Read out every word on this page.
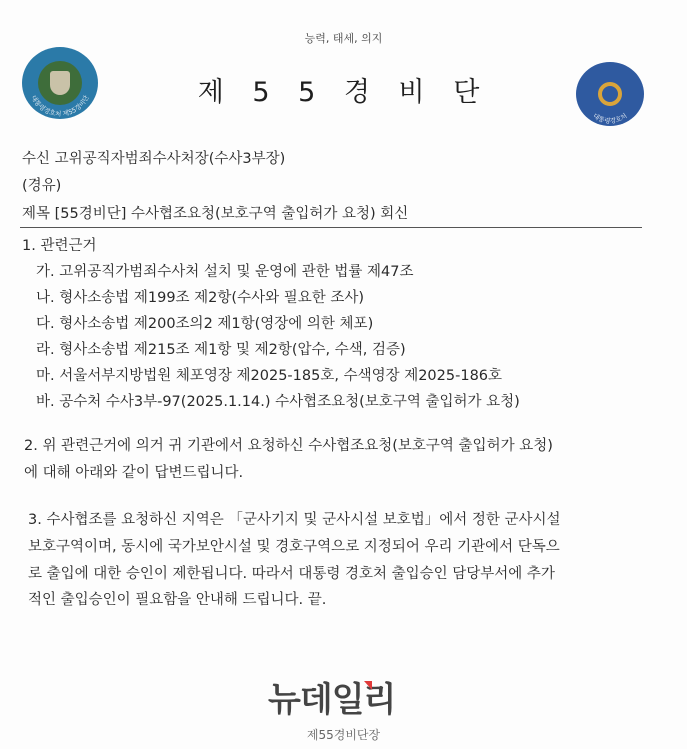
능력, 태세, 의지
대통령경호처 제55경비단	제 5 5 경 비 단
대통령경호처
수신 고위공직자범죄수사처장(수사3부장)
(경유)
제목 [55경비단] 수사협조요청(보호구역 출입허가 요청) 회신
1. 관련근거
가. 고위공직가범죄수사처 설치 및 운영에 관한 법률 제47조
나. 형사소송법 제199조 제2항(수사와 필요한 조사)
다. 형사소송법 제200조의2 제1항(영장에 의한 체포)
라. 형사소송법 제215조 제1항 및 제2항(압수, 수색, 검증)
마. 서울서부지방법원 체포영장 제2025-185호, 수색영장 제2025-186호
바. 공수처 수사3부-97(2025.1.14.) 수사협조요청(보호구역 출입허가 요청)
2. 위 관련근거에 의거 귀 기관에서 요청하신 수사협조요청(보호구역 출입허가 요청)
에 대해 아래와 같이 답변드립니다.
3. 수사협조를 요청하신 지역은 「군사기지 및 군사시설 보호법」에서 정한 군사시설
보호구역이며, 동시에 국가보안시설 및 경호구역으로 지정되어 우리 기관에서 단독으
로 출입에 대한 승인이 제한됩니다. 따라서 대통령 경호처 출입승인 담당부서에 추가
적인 출입승인이 필요함을 안내해 드립니다. 끝.
뉴데일리
제55경비단장
